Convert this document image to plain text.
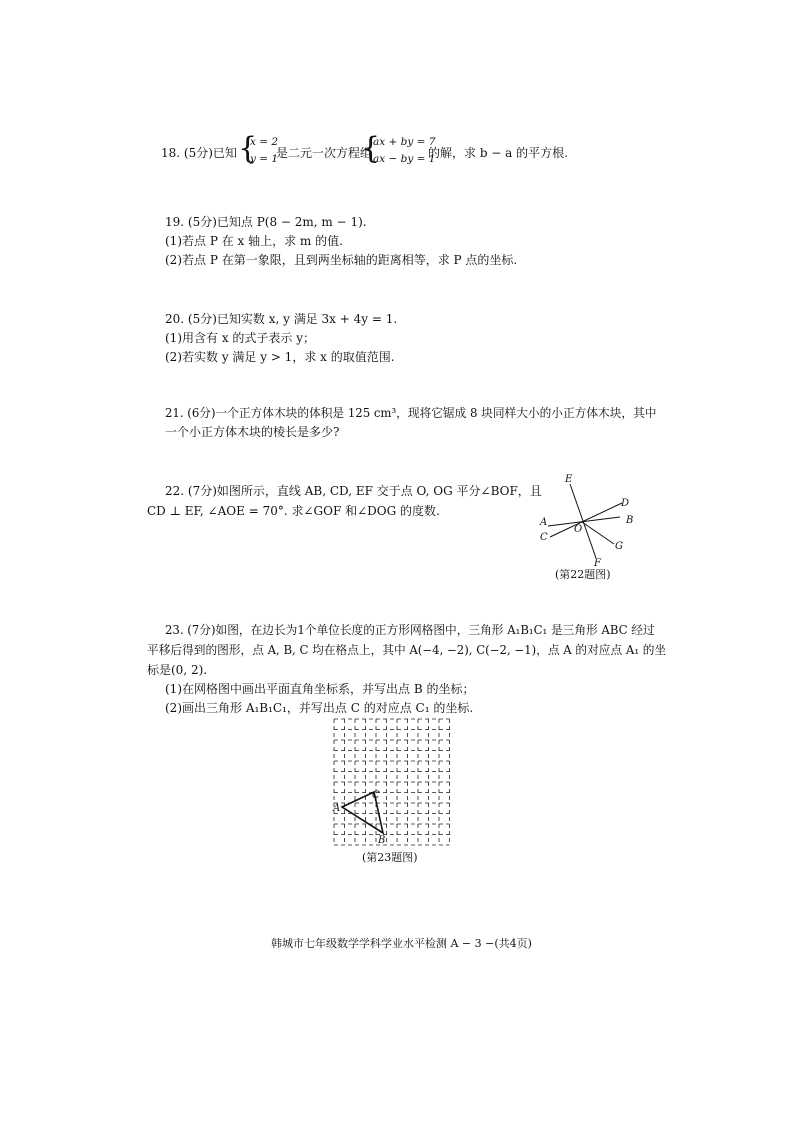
18. (5分)已知 {
x = 2
y = 1
是二元一次方程组
{
ax + by = 7
ax − by = 1
的解，求 b − a 的平方根.
19. (5分)已知点 P(8 − 2m, m − 1).
(1)若点 P 在 x 轴上，求 m 的值.
(2)若点 P 在第一象限，且到两坐标轴的距离相等，求 P 点的坐标.
20. (5分)已知实数 x, y 满足 3x + 4y = 1.
(1)用含有 x 的式子表示 y；
(2)若实数 y 满足 y > 1，求 x 的取值范围.
21. (6分)一个正方体木块的体积是 125 cm³，现将它锯成 8 块同样大小的小正方体木块，其中
一个小正方体木块的棱长是多少?
22. (7分)如图所示，直线 AB, CD, EF 交于点 O, OG 平分∠BOF，且
CD ⊥ EF, ∠AOE = 70°. 求∠GOF 和∠DOG 的度数.
E
D
A	B
C
O
F
G
(第22题图)
23. (7分)如图，在边长为1个单位长度的正方形网格图中，三角形 A₁B₁C₁ 是三角形 ABC 经过
平移后得到的图形，点 A, B, C 均在格点上，其中 A(−4, −2), C(−2, −1)，点 A 的对应点 A₁ 的坐
标是(0, 2).
(1)在网格图中画出平面直角坐标系，并写出点 B 的坐标；
(2)画出三角形 A₁B₁C₁，并写出点 C 的对应点 C₁ 的坐标.
A
C
B
(第23题图)
韩城市七年级数学学科学业水平检测 A − 3 −(共4页)
